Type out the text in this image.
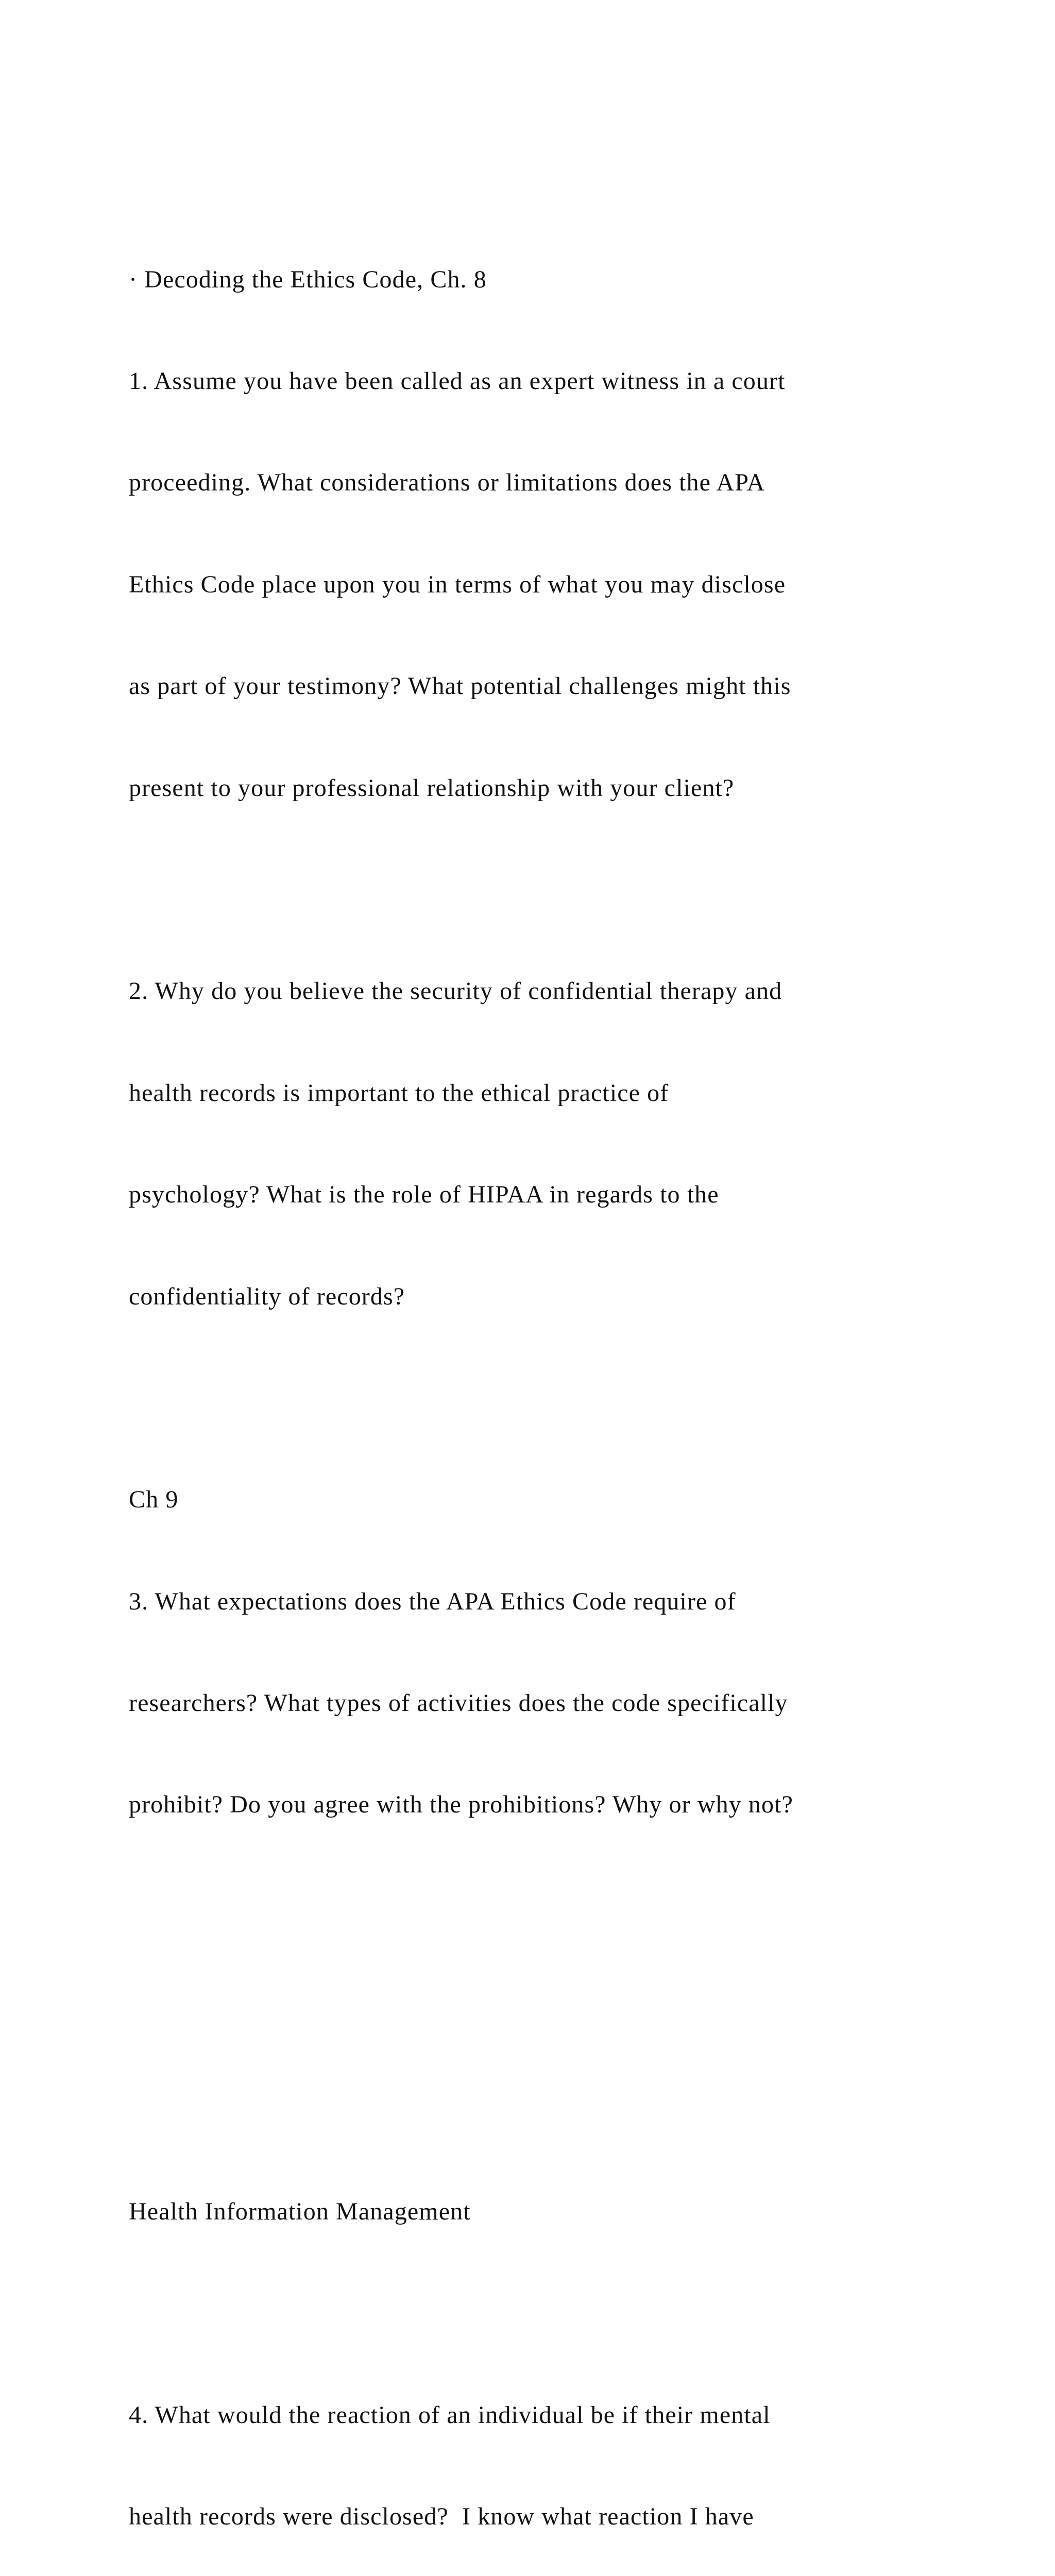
· Decoding the Ethics Code, Ch. 8

1. Assume you have been called as an expert witness in a court

proceeding. What considerations or limitations does the APA

Ethics Code place upon you in terms of what you may disclose

as part of your testimony? What potential challenges might this

present to your professional relationship with your client?

2. Why do you believe the security of confidential therapy and

health records is important to the ethical practice of

psychology? What is the role of HIPAA in regards to the

confidentiality of records?

Ch 9

3. What expectations does the APA Ethics Code require of

researchers? What types of activities does the code specifically

prohibit? Do you agree with the prohibitions? Why or why not?

Health Information Management

4. What would the reaction of an individual be if their mental

health records were disclosed?  I know what reaction I have
